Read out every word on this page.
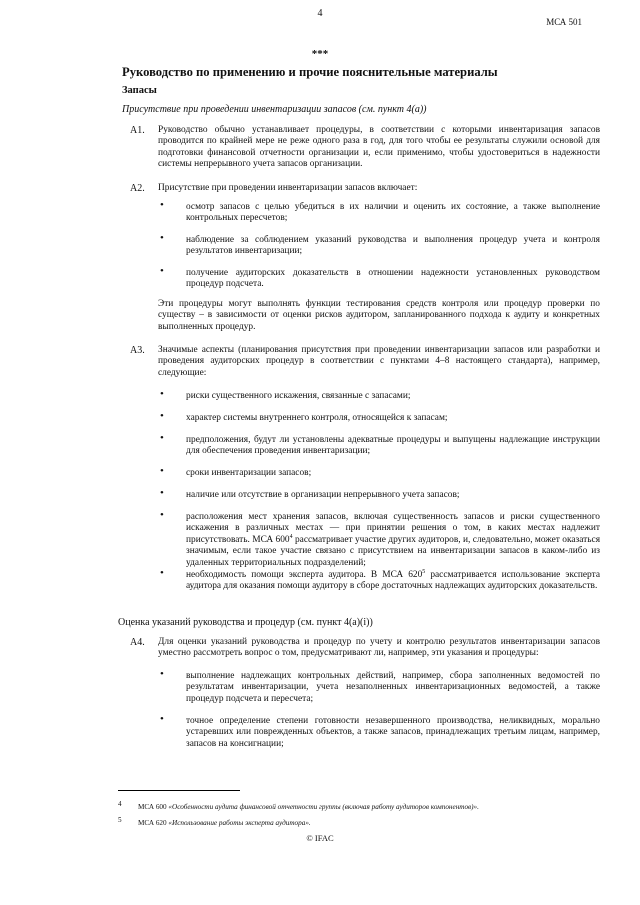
4
МСА 501
***
Руководство по применению и прочие пояснительные материалы
Запасы
Присутствие при проведении инвентаризации запасов (см. пункт 4(a))
A1. Руководство обычно устанавливает процедуры, в соответствии с которыми инвентаризация запасов проводится по крайней мере не реже одного раза в год, для того чтобы ее результаты служили основой для подготовки финансовой отчетности организации и, если применимо, чтобы удостовериться в надежности системы непрерывного учета запасов организации.
A2. Присутствие при проведении инвентаризации запасов включает:
• осмотр запасов с целью убедиться в их наличии и оценить их состояние, а также выполнение контрольных пересчетов;
• наблюдение за соблюдением указаний руководства и выполнения процедур учета и контроля результатов инвентаризации;
• получение аудиторских доказательств в отношении надежности установленных руководством процедур подсчета.
Эти процедуры могут выполнять функции тестирования средств контроля или процедур проверки по существу – в зависимости от оценки рисков аудитором, запланированного подхода к аудиту и конкретных выполненных процедур.
A3. Значимые аспекты (планирования присутствия при проведении инвентаризации запасов или разработки и проведения аудиторских процедур в соответствии с пунктами 4–8 настоящего стандарта), например, следующие:
• риски существенного искажения, связанные с запасами;
• характер системы внутреннего контроля, относящейся к запасам;
• предположения, будут ли установлены адекватные процедуры и выпущены надлежащие инструкции для обеспечения проведения инвентаризации;
• сроки инвентаризации запасов;
• наличие или отсутствие в организации непрерывного учета запасов;
• расположения мест хранения запасов, включая существенность запасов и риски существенного искажения в различных местах — при принятии решения о том, в каких местах надлежит присутствовать. МСА $600^4$ рассматривает участие других аудиторов, и, следовательно, может оказаться значимым, если такое участие связано с присутствием на инвентаризации запасов в каком-либо из удаленных территориальных подразделений;
• необходимость помощи эксперта аудитора. В МСА $620^5$ рассматривается использование эксперта аудитора для оказания помощи аудитору в сборе достаточных надлежащих аудиторских доказательств.
Оценка указаний руководства и процедур (см. пункт 4(a)(i))
A4. Для оценки указаний руководства и процедур по учету и контролю результатов инвентаризации запасов уместно рассмотреть вопрос о том, предусматривают ли, например, эти указания и процедуры:
• выполнение надлежащих контрольных действий, например, сбора заполненных ведомостей по результатам инвентаризации, учета незаполненных инвентаризационных ведомостей, а также процедур подсчета и пересчета;
• точное определение степени готовности незавершенного производства, неликвидных, морально устаревших или поврежденных объектов, а также запасов, принадлежащих третьим лицам, например, запасов на консигнации;
4 МСА 600 «Особенности аудита финансовой отчетности группы (включая работу аудиторов компонентов)».
5 МСА 620 «Использование работы эксперта аудитора».
© IFAC
